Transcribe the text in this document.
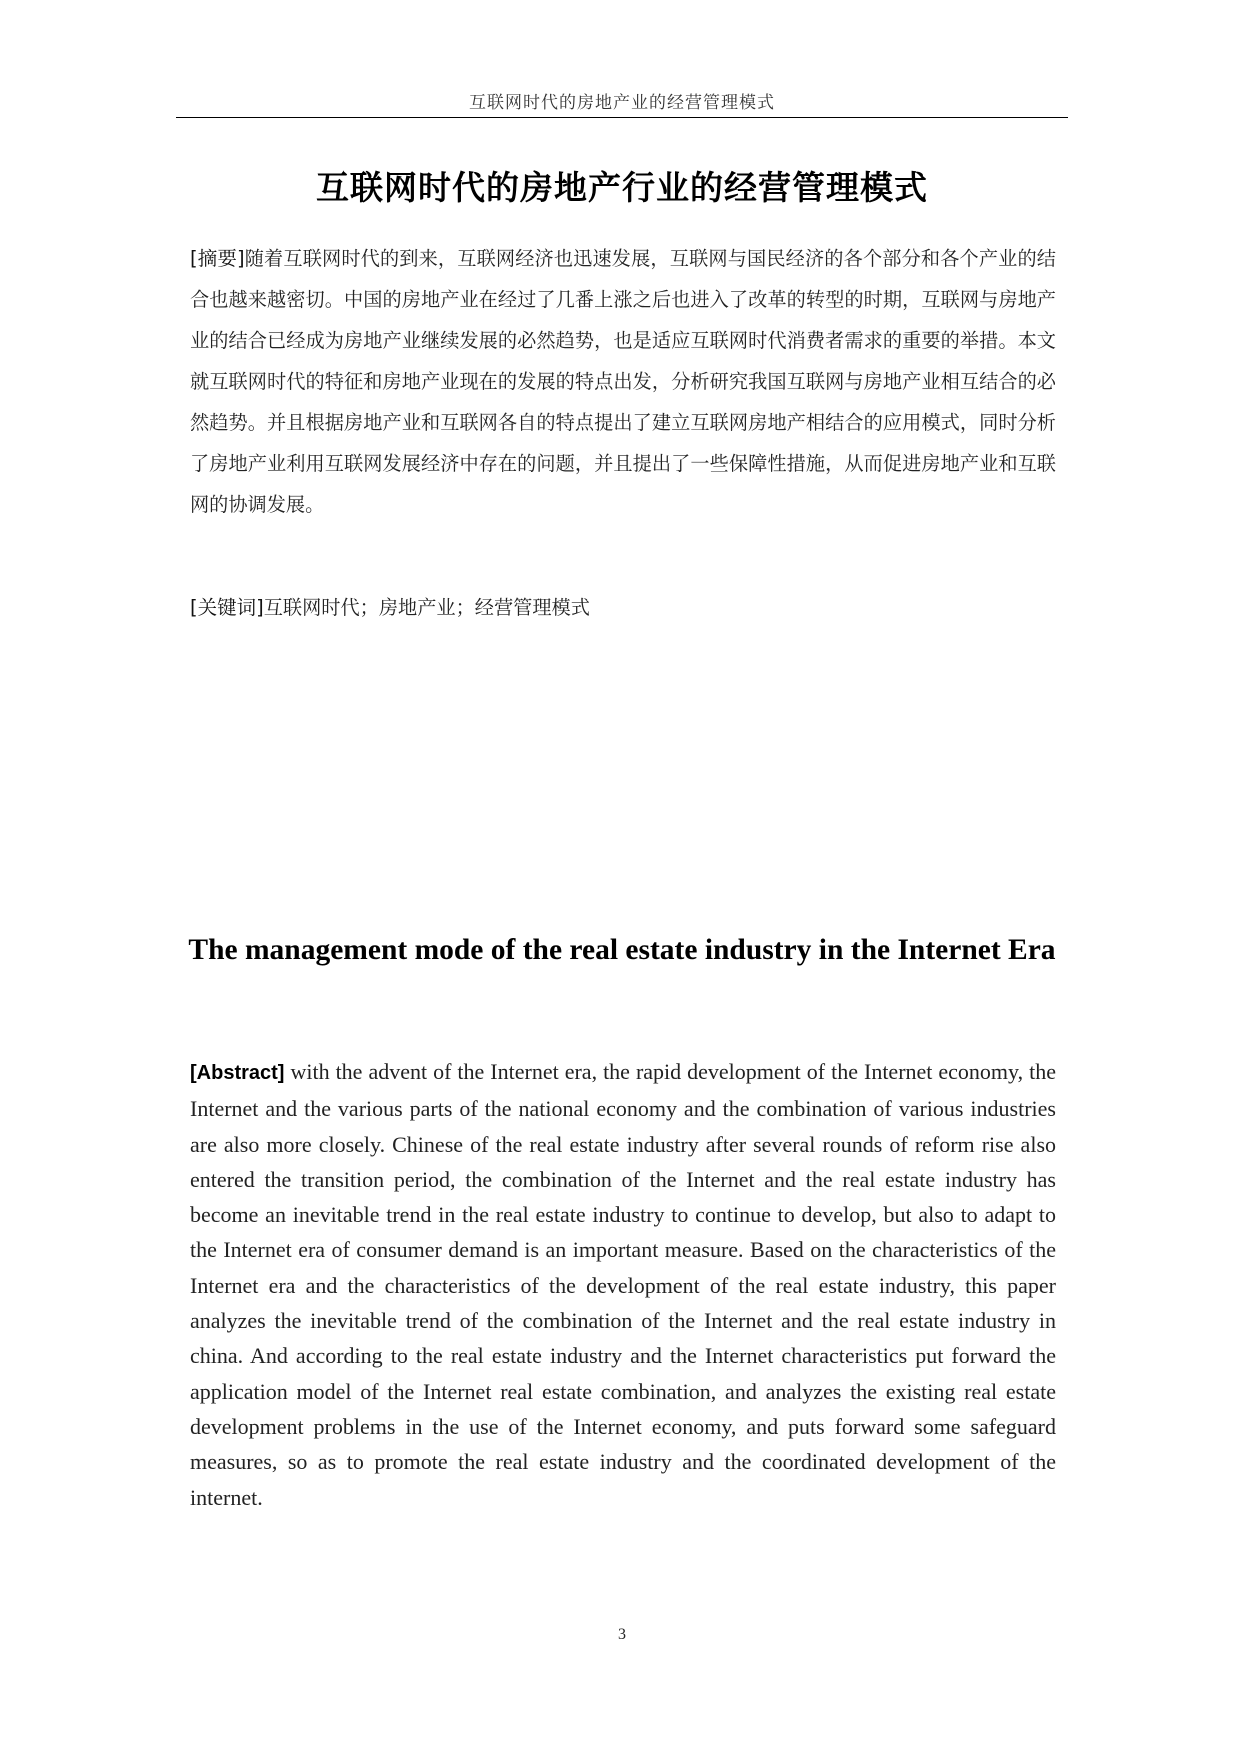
互联网时代的房地产业的经营管理模式
互联网时代的房地产行业的经营管理模式

[摘要]随着互联网时代的到来，互联网经济也迅速发展，互联网与国民经济的各个部分和各个产业的结合也越来越密切。中国的房地产业在经过了几番上涨之后也进入了改革的转型的时期，互联网与房地产业的结合已经成为房地产业继续发展的必然趋势，也是适应互联网时代消费者需求的重要的举措。本文就互联网时代的特征和房地产业现在的发展的特点出发，分析研究我国互联网与房地产业相互结合的必然趋势。并且根据房地产业和互联网各自的特点提出了建立互联网房地产相结合的应用模式，同时分析了房地产业利用互联网发展经济中存在的问题，并且提出了一些保障性措施，从而促进房地产业和互联网的协调发展。

[关键词]互联网时代；房地产业；经营管理模式

The management mode of the real estate industry in the Internet Era

[Abstract] with the advent of the Internet era, the rapid development of the Internet economy, the Internet and the various parts of the national economy and the combination of various industries are also more closely. Chinese of the real estate industry after several rounds of reform rise also entered the transition period, the combination of the Internet and the real estate industry has become an inevitable trend in the real estate industry to continue to develop, but also to adapt to the Internet era of consumer demand is an important measure. Based on the characteristics of the Internet era and the characteristics of the development of the real estate industry, this paper analyzes the inevitable trend of the combination of the Internet and the real estate industry in china. And according to the real estate industry and the Internet characteristics put forward the application model of the Internet real estate combination, and analyzes the existing real estate development problems in the use of the Internet economy, and puts forward some safeguard measures, so as to promote the real estate industry and the coordinated development of the internet.

3
